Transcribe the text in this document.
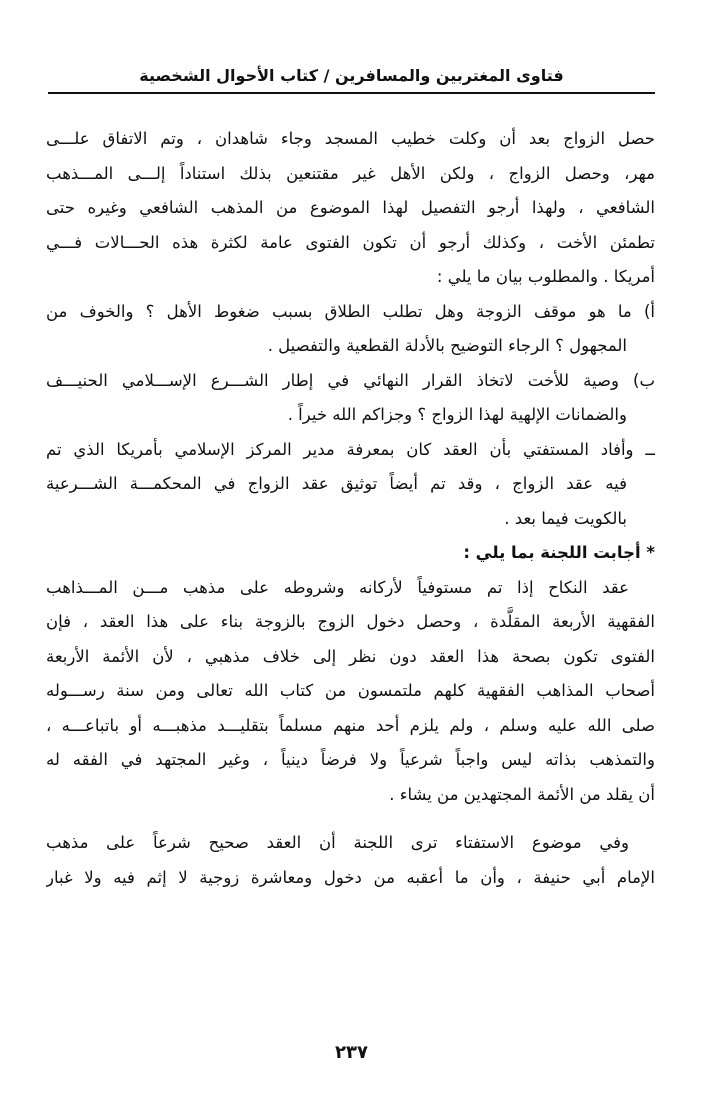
فتاوى المغتربين والمسافرين / كتاب الأحوال الشخصية
حصل الزواج بعد أن وكلت خطيب المسجد وجاء شاهدان ، وتم الاتفاق علـــى
مهر، وحصل الزواج ، ولكن الأهل غير مقتنعين بذلك استناداً إلـــى المـــذهب
الشافعي ، ولهذا أرجو التفصيل لهذا الموضوع من المذهب الشافعي وغيره حتى
تطمئن الأخت ، وكذلك أرجو أن تكون الفتوى عامة لكثرة هذه الحـــالات فـــي
أمريكا . والمطلوب بيان ما يلي :
أ) ما هو موقف الزوجة وهل تطلب الطلاق بسبب ضغوط الأهل ؟ والخوف من
المجهول ؟ الرجاء التوضيح بالأدلة القطعية والتفصيل .
ب) وصية للأخت لاتخاذ القرار النهائي في إطار الشـــرع الإســـلامي الحنيـــف
والضمانات الإلهية لهذا الزواج ؟ وجزاكم الله خيراً .
ــ وأفاد المستفتي بأن العقد كان بمعرفة مدير المركز الإسلامي بأمريكا الذي تم
فيه عقد الزواج ، وقد تم أيضاً توثيق عقد الزواج في المحكمـــة الشـــرعية
بالكويت فيما بعد .
* أجابت اللجنة بما يلي :
عقد النكاح إذا تم مستوفياً لأركانه وشروطه على مذهب مـــن المـــذاهب
الفقهية الأربعة المقلَّدة ، وحصل دخول الزوج بالزوجة بناء على هذا العقد ، فإن
الفتوى تكون بصحة هذا العقد دون نظر إلى خلاف مذهبي ، لأن الأئمة الأربعة
أصحاب المذاهب الفقهية كلهم ملتمسون من كتاب الله تعالى ومن سنة رســـوله
صلى الله عليه وسلم ، ولم يلزم أحد منهم مسلماً بتقليـــد مذهبـــه أو باتباعـــه ،
والتمذهب بذاته ليس واجباً شرعياً ولا فرضاً دينياً ، وغير المجتهد في الفقه له
أن يقلد من الأئمة المجتهدين من يشاء .
وفي موضوع الاستفتاء ترى اللجنة أن العقد صحيح شرعاً على مذهب
الإمام أبي حنيفة ، وأن ما أعقبه من دخول ومعاشرة زوجية لا إثم فيه ولا غبار
٢٣٧
